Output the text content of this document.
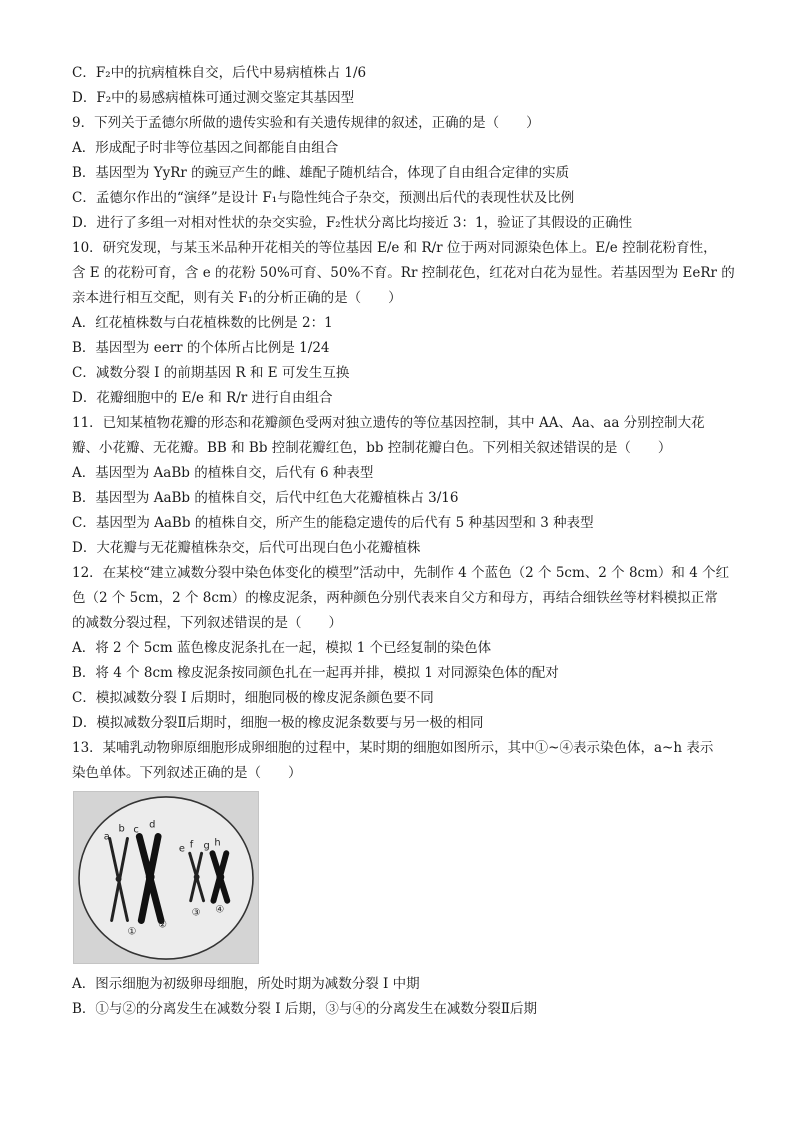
C．F₂中的抗病植株自交，后代中易病植株占 1/6
D．F₂中的易感病植株可通过测交鉴定其基因型
9．下列关于孟德尔所做的遗传实验和有关遗传规律的叙述，正确的是（　　）
A．形成配子时非等位基因之间都能自由组合
B．基因型为 YyRr 的豌豆产生的雌、雄配子随机结合，体现了自由组合定律的实质
C．孟德尔作出的“演绎”是设计 F₁与隐性纯合子杂交，预测出后代的表现性状及比例
D．进行了多组一对相对性状的杂交实验，F₂性状分离比均接近 3：1，验证了其假设的正确性
10．研究发现，与某玉米品种开花相关的等位基因 E/e 和 R/r 位于两对同源染色体上。E/e 控制花粉育性，
含 E 的花粉可育，含 e 的花粉 50%可育、50%不育。Rr 控制花色，红花对白花为显性。若基因型为 EeRr 的
亲本进行相互交配，则有关 F₁的分析正确的是（　　）
A．红花植株数与白花植株数的比例是 2：1
B．基因型为 eerr 的个体所占比例是 1/24
C．减数分裂 I 的前期基因 R 和 E 可发生互换
D．花瓣细胞中的 E/e 和 R/r 进行自由组合
11．已知某植物花瓣的形态和花瓣颜色受两对独立遗传的等位基因控制，其中 AA、Aa、aa 分别控制大花
瓣、小花瓣、无花瓣。BB 和 Bb 控制花瓣红色，bb 控制花瓣白色。下列相关叙述错误的是（　　）
A．基因型为 AaBb 的植株自交，后代有 6 种表型
B．基因型为 AaBb 的植株自交，后代中红色大花瓣植株占 3/16
C．基因型为 AaBb 的植株自交，所产生的能稳定遗传的后代有 5 种基因型和 3 种表型
D．大花瓣与无花瓣植株杂交，后代可出现白色小花瓣植株
12．在某校“建立减数分裂中染色体变化的模型”活动中，先制作 4 个蓝色（2 个 5cm、2 个 8cm）和 4 个红
色（2 个 5cm，2 个 8cm）的橡皮泥条，两种颜色分别代表来自父方和母方，再结合细铁丝等材料模拟正常
的减数分裂过程，下列叙述错误的是（　　）
A．将 2 个 5cm 蓝色橡皮泥条扎在一起，模拟 1 个已经复制的染色体
B．将 4 个 8cm 橡皮泥条按同颜色扎在一起再并排，模拟 1 对同源染色体的配对
C．模拟减数分裂 I 后期时，细胞同极的橡皮泥条颜色要不同
D．模拟减数分裂Ⅱ后期时，细胞一极的橡皮泥条数要与另一极的相同
13．某哺乳动物卵原细胞形成卵细胞的过程中，某时期的细胞如图所示，其中①~④表示染色体，a~h 表示
染色单体。下列叙述正确的是（　　）
a
b c d
e f g h
①
②
③ ④
A．图示细胞为初级卵母细胞，所处时期为减数分裂 I 中期
B．①与②的分离发生在减数分裂 I 后期，③与④的分离发生在减数分裂Ⅱ后期
